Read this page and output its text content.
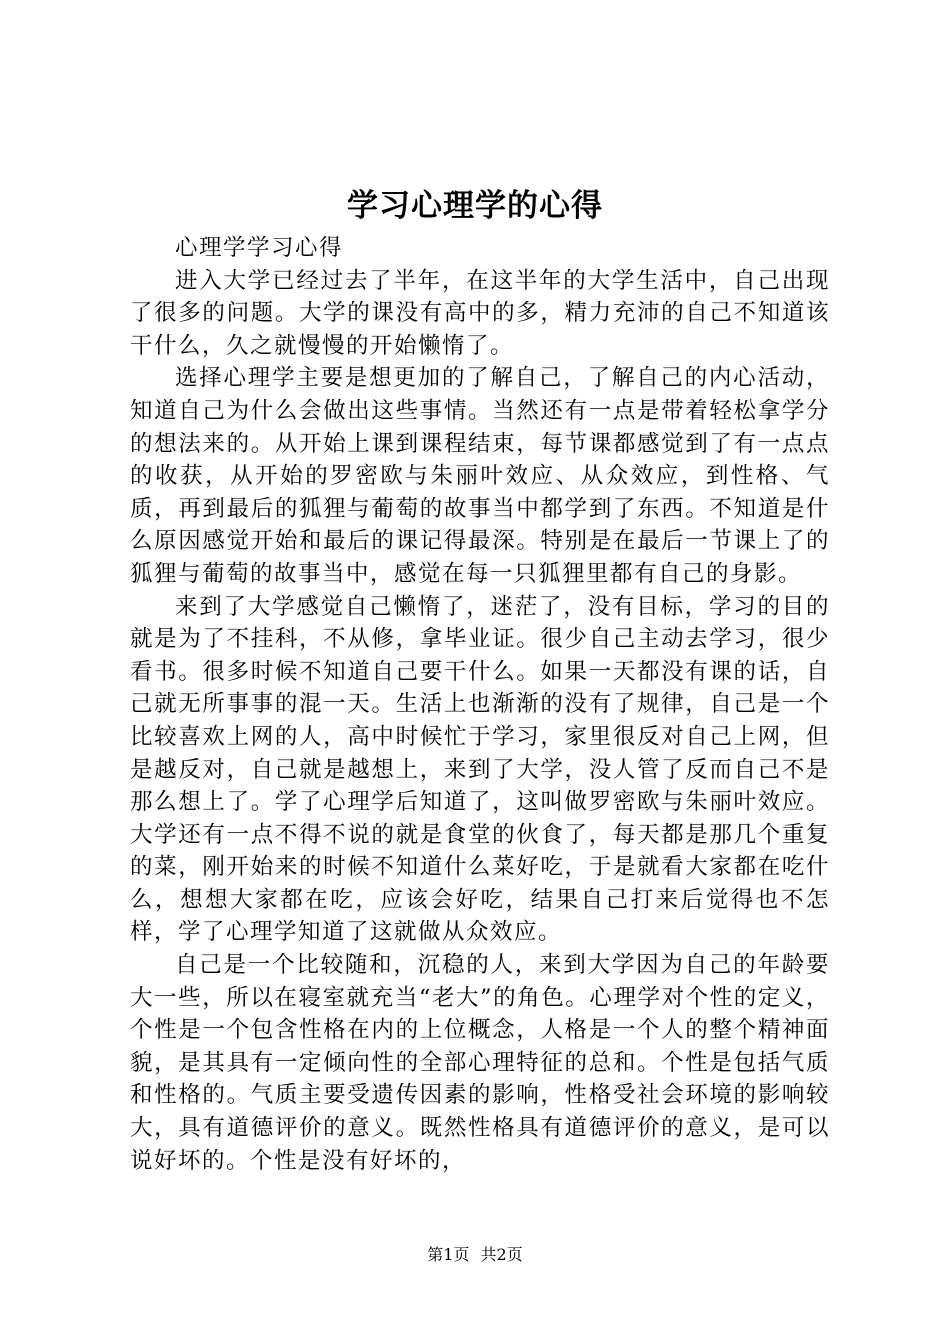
学习心理学的心得

心理学学习心得

进入大学已经过去了半年，在这半年的大学生活中，自己出现了很多的问题。大学的课没有高中的多，精力充沛的自己不知道该干什么，久之就慢慢的开始懒惰了。

选择心理学主要是想更加的了解自己，了解自己的内心活动，知道自己为什么会做出这些事情。当然还有一点是带着轻松拿学分的想法来的。从开始上课到课程结束，每节课都感觉到了有一点点的收获，从开始的罗密欧与朱丽叶效应、从众效应，到性格、气质，再到最后的狐狸与葡萄的故事当中都学到了东西。不知道是什么原因感觉开始和最后的课记得最深。特别是在最后一节课上了的狐狸与葡萄的故事当中，感觉在每一只狐狸里都有自己的身影。

来到了大学感觉自己懒惰了，迷茫了，没有目标，学习的目的就是为了不挂科，不从修，拿毕业证。很少自己主动去学习，很少看书。很多时候不知道自己要干什么。如果一天都没有课的话，自己就无所事事的混一天。生活上也渐渐的没有了规律，自己是一个比较喜欢上网的人，高中时候忙于学习，家里很反对自己上网，但是越反对，自己就是越想上，来到了大学，没人管了反而自己不是那么想上了。学了心理学后知道了，这叫做罗密欧与朱丽叶效应。大学还有一点不得不说的就是食堂的伙食了，每天都是那几个重复的菜，刚开始来的时候不知道什么菜好吃，于是就看大家都在吃什么，想想大家都在吃，应该会好吃，结果自己打来后觉得也不怎样，学了心理学知道了这就做从众效应。

自己是一个比较随和，沉稳的人，来到大学因为自己的年龄要大一些，所以在寝室就充当“老大”的角色。心理学对个性的定义，个性是一个包含性格在内的上位概念，人格是一个人的整个精神面貌，是其具有一定倾向性的全部心理特征的总和。个性是包括气质和性格的。气质主要受遗传因素的影响，性格受社会环境的影响较大，具有道德评价的意义。既然性格具有道德评价的意义，是可以说好坏的。个性是没有好坏的，

第1页 共2页
